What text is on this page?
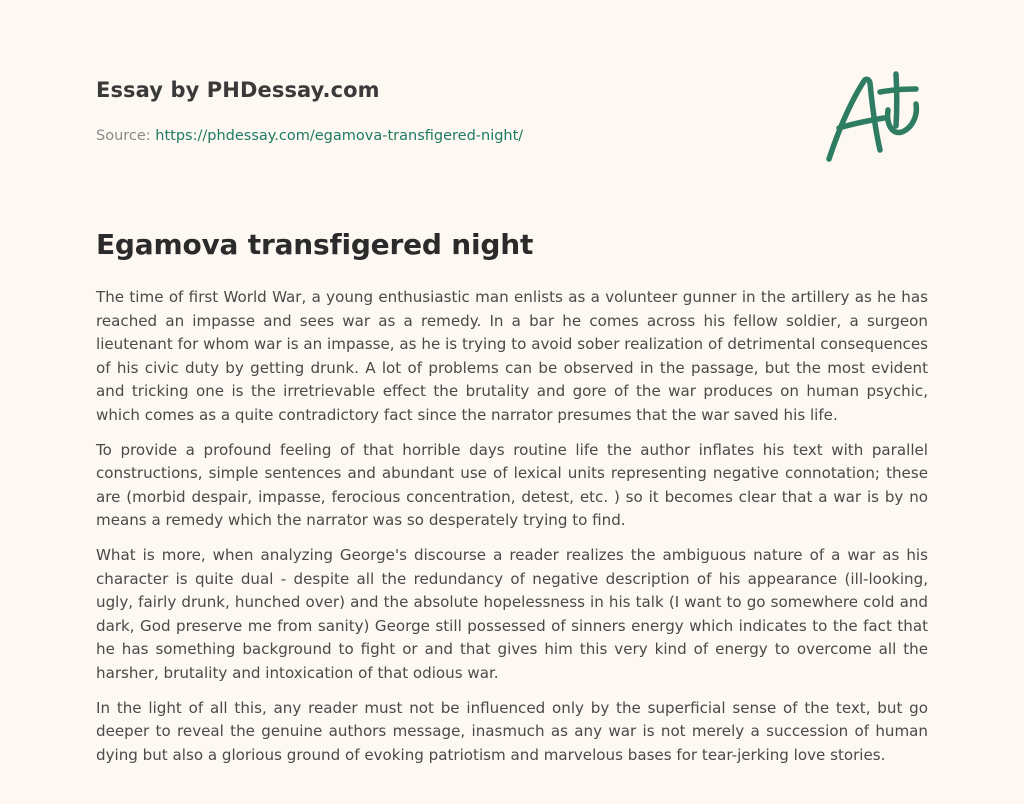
Essay by PHDessay.com
Source: https://phdessay.com/egamova-transfigered-night/
Egamova transfigered night

The time of first World War, a young enthusiastic man enlists as a volunteer gunner in the artillery as he has reached an impasse and sees war as a remedy. In a bar he comes across his fellow soldier, a surgeon lieutenant for whom war is an impasse, as he is trying to avoid sober realization of detrimental consequences of his civic duty by getting drunk. A lot of problems can be observed in the passage, but the most evident and tricking one is the irretrievable effect the brutality and gore of the war produces on human psychic, which comes as a quite contradictory fact since the narrator presumes that the war saved his life.

To provide a profound feeling of that horrible days routine life the author inflates his text with parallel constructions, simple sentences and abundant use of lexical units representing negative connotation; these are (morbid despair, impasse, ferocious concentration, detest, etc. ) so it becomes clear that a war is by no means a remedy which the narrator was so desperately trying to find.

What is more, when analyzing George's discourse a reader realizes the ambiguous nature of a war as his character is quite dual - despite all the redundancy of negative description of his appearance (ill-looking, ugly, fairly drunk, hunched over) and the absolute hopelessness in his talk (I want to go somewhere cold and dark, God preserve me from sanity) George still possessed of sinners energy which indicates to the fact that he has something background to fight or and that gives him this very kind of energy to overcome all the harsher, brutality and intoxication of that odious war.

In the light of all this, any reader must not be influenced only by the superficial sense of the text, but go deeper to reveal the genuine authors message, inasmuch as any war is not merely a succession of human dying but also a glorious ground of evoking patriotism and marvelous bases for tear-jerking love stories.
